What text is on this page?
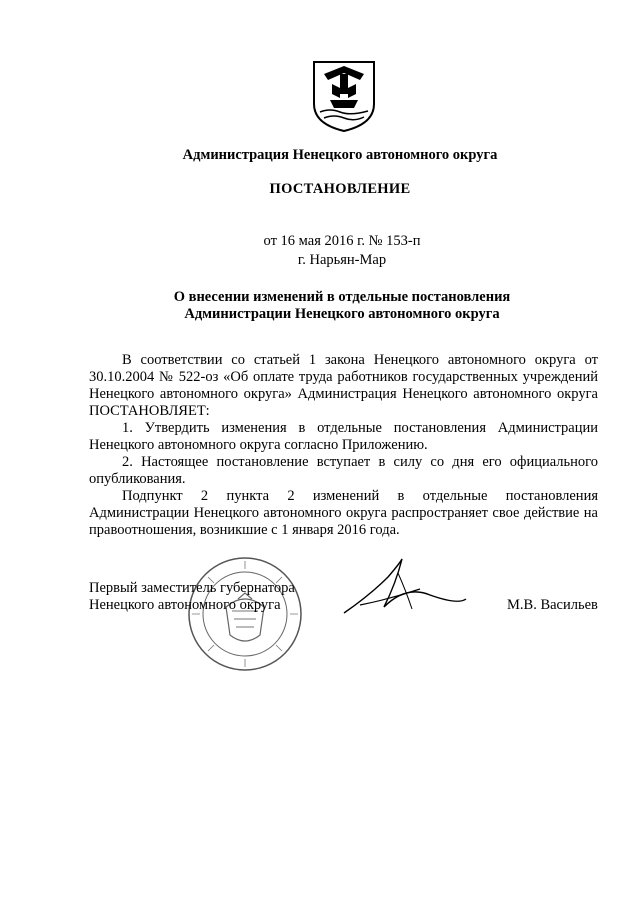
Администрация Ненецкого автономного округа
ПОСТАНОВЛЕНИЕ
от 16 мая 2016 г. № 153-п
г. Нарьян-Мар
О внесении изменений в отдельные постановления
Администрации Ненецкого автономного округа

В соответствии со статьей 1 закона Ненецкого автономного округа от 30.10.2004 № 522-оз «Об оплате труда работников государственных учреждений Ненецкого автономного округа» Администрация Ненецкого автономного округа ПОСТАНОВЛЯЕТ:

1. Утвердить изменения в отдельные постановления Администрации Ненецкого автономного округа согласно Приложению.

2. Настоящее постановление вступает в силу со дня его официального опубликования.

Подпункт 2 пункта 2 изменений в отдельные постановления Администрации Ненецкого автономного округа распространяет свое действие на правоотношения, возникшие с 1 января 2016 года.

Первый заместитель губернатора
Ненецкого автономного округа	М.В. Васильев
